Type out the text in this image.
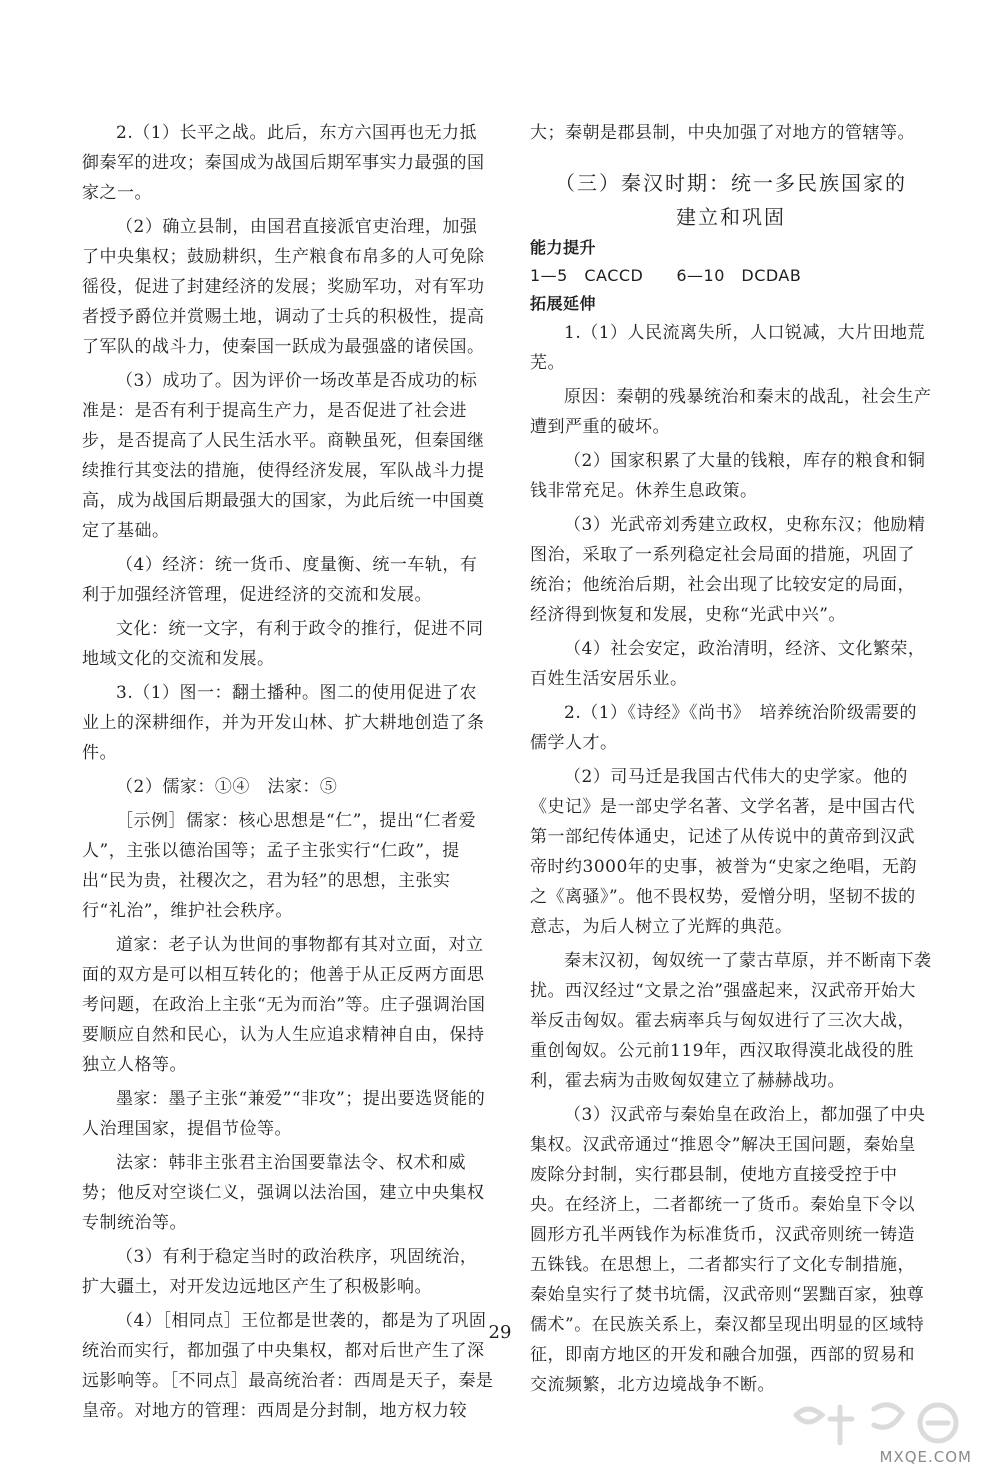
2.（1）长平之战。此后，东方六国再也无力抵御秦军的进攻；秦国成为战国后期军事实力最强的国家之一。

（2）确立县制，由国君直接派官吏治理，加强了中央集权；鼓励耕织，生产粮食布帛多的人可免除徭役，促进了封建经济的发展；奖励军功，对有军功者授予爵位并赏赐土地，调动了士兵的积极性，提高了军队的战斗力，使秦国一跃成为最强盛的诸侯国。

（3）成功了。因为评价一场改革是否成功的标准是：是否有利于提高生产力，是否促进了社会进步，是否提高了人民生活水平。商鞅虽死，但秦国继续推行其变法的措施，使得经济发展，军队战斗力提高，成为战国后期最强大的国家，为此后统一中国奠定了基础。

（4）经济：统一货币、度量衡、统一车轨，有利于加强经济管理，促进经济的交流和发展。

文化：统一文字，有利于政令的推行，促进不同地域文化的交流和发展。

3.（1）图一：翻土播种。图二的使用促进了农业上的深耕细作，并为开发山林、扩大耕地创造了条件。

（2）儒家：①④　法家：⑤

［示例］儒家：核心思想是“仁”，提出“仁者爱人”，主张以德治国等；孟子主张实行“仁政”，提出“民为贵，社稷次之，君为轻”的思想，主张实行“礼治”，维护社会秩序。

道家：老子认为世间的事物都有其对立面，对立面的双方是可以相互转化的；他善于从正反两方面思考问题，在政治上主张“无为而治”等。庄子强调治国要顺应自然和民心，认为人生应追求精神自由，保持独立人格等。

墨家：墨子主张“兼爱”“非攻”；提出要选贤能的人治理国家，提倡节俭等。

法家：韩非主张君主治国要靠法令、权术和威势；他反对空谈仁义，强调以法治国，建立中央集权专制统治等。

（3）有利于稳定当时的政治秩序，巩固统治，扩大疆土，对开发边远地区产生了积极影响。

（4）［相同点］王位都是世袭的，都是为了巩固统治而实行，都加强了中央集权，都对后世产生了深远影响等。［不同点］最高统治者：西周是天子，秦是皇帝。对地方的管理：西周是分封制，地方权力较

大；秦朝是郡县制，中央加强了对地方的管辖等。

（三）秦汉时期：统一多民族国家的
建立和巩固

能力提升

1—5　CACCD　　6—10　DCDAB

拓展延伸

1.（1）人民流离失所，人口锐减，大片田地荒芜。

原因：秦朝的残暴统治和秦末的战乱，社会生产遭到严重的破坏。

（2）国家积累了大量的钱粮，库存的粮食和铜钱非常充足。休养生息政策。

（3）光武帝刘秀建立政权，史称东汉；他励精图治，采取了一系列稳定社会局面的措施，巩固了统治；他统治后期，社会出现了比较安定的局面，经济得到恢复和发展，史称“光武中兴”。

（4）社会安定，政治清明，经济、文化繁荣，百姓生活安居乐业。

2.（1）《诗经》《尚书》　培养统治阶级需要的儒学人才。

（2）司马迁是我国古代伟大的史学家。他的《史记》是一部史学名著、文学名著，是中国古代第一部纪传体通史，记述了从传说中的黄帝到汉武帝时约3000年的史事，被誉为“史家之绝唱，无韵之《离骚》”。他不畏权势，爱憎分明，坚韧不拔的意志，为后人树立了光辉的典范。

秦末汉初，匈奴统一了蒙古草原，并不断南下袭扰。西汉经过“文景之治”强盛起来，汉武帝开始大举反击匈奴。霍去病率兵与匈奴进行了三次大战，重创匈奴。公元前119年，西汉取得漠北战役的胜利，霍去病为击败匈奴建立了赫赫战功。

（3）汉武帝与秦始皇在政治上，都加强了中央集权。汉武帝通过“推恩令”解决王国问题，秦始皇废除分封制，实行郡县制，使地方直接受控于中央。在经济上，二者都统一了货币。秦始皇下令以圆形方孔半两钱作为标准货币，汉武帝则统一铸造五铢钱。在思想上，二者都实行了文化专制措施，秦始皇实行了焚书坑儒，汉武帝则“罢黜百家，独尊儒术”。在民族关系上，秦汉都呈现出明显的区域特征，即南方地区的开发和融合加强，西部的贸易和交流频繁，北方边境战争不断。

29
MXQE.COM
